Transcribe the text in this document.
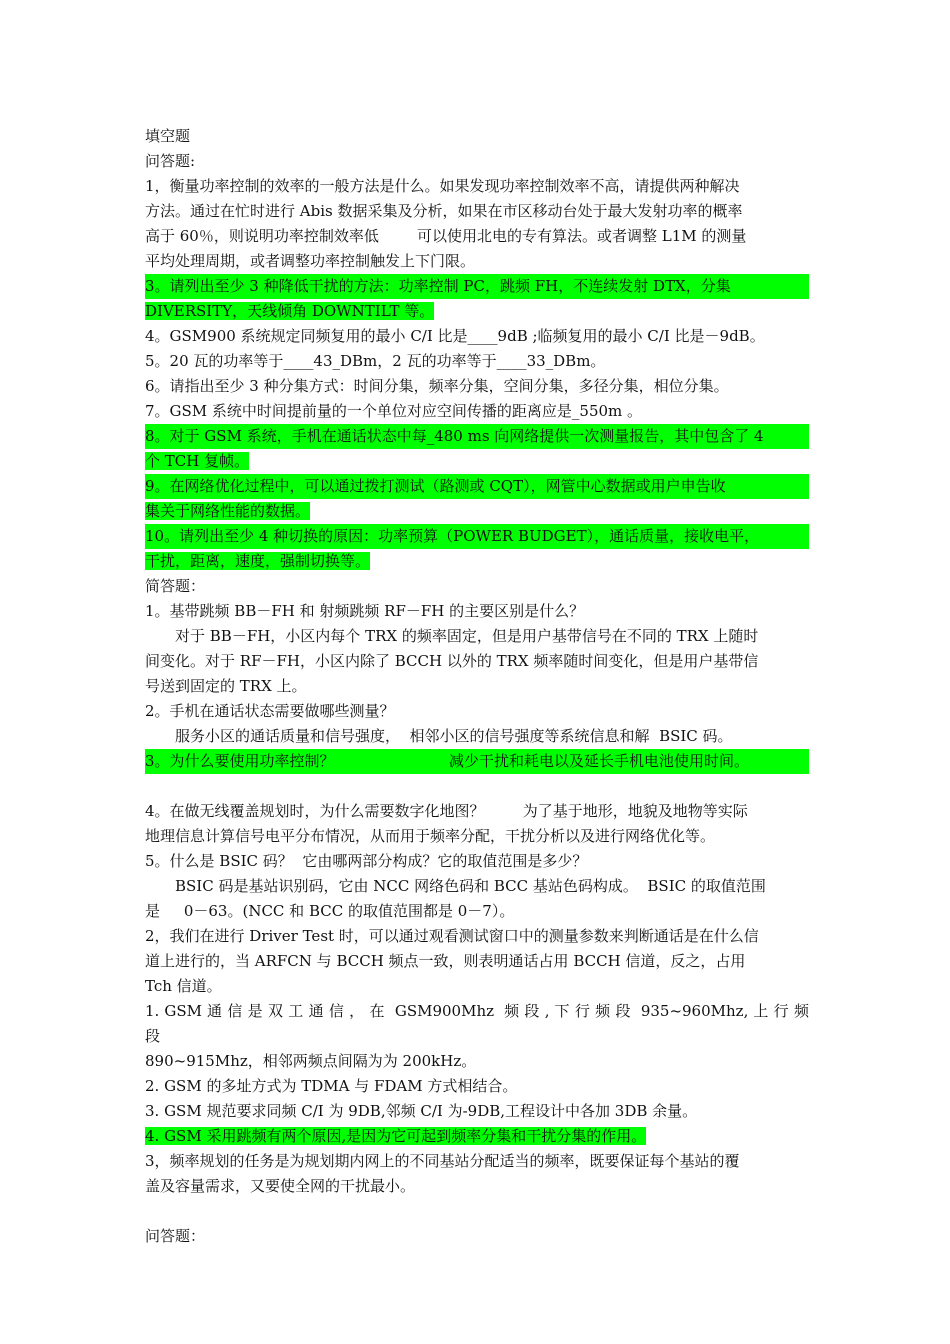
填空题
问答题:
1，衡量功率控制的效率的一般方法是什么。如果发现功率控制效率不高，请提供两种解决
方法。通过在忙时进行 Abis 数据采集及分析，如果在市区移动台处于最大发射功率的概率
高于 60％，则说明功率控制效率低        可以使用北电的专有算法。或者调整 L1M 的测量
平均处理周期，或者调整功率控制触发上下门限。
3。请列出至少 3 种降低干扰的方法：功率控制 PC，跳频 FH，不连续发射 DTX，分集
DIVERSITY，天线倾角 DOWNTILT 等。
4。GSM900 系统规定同频复用的最小 C/I 比是____9dB ;临频复用的最小 C/I 比是－9dB。
5。20 瓦的功率等于____43_DBm，2 瓦的功率等于____33_DBm。
6。请指出至少 3 种分集方式：时间分集，频率分集，空间分集，多径分集，相位分集。
7。GSM 系统中时间提前量的一个单位对应空间传播的距离应是_550m 。
8。对于 GSM 系统，手机在通话状态中每_480 ms 向网络提供一次测量报告，其中包含了 4
个 TCH 复帧。
9。在网络优化过程中，可以通过拨打测试（路测或 CQT），网管中心数据或用户申告收
集关于网络性能的数据。
10。请列出至少 4 种切换的原因：功率预算（POWER BUDGET），通话质量，接收电平，
干扰，距离，速度，强制切换等。
简答题：
1。基带跳频 BB－FH 和 射频跳频 RF－FH 的主要区别是什么？
对于 BB－FH，小区内每个 TRX 的频率固定，但是用户基带信号在不同的 TRX 上随时
间变化。对于 RF－FH，小区内除了 BCCH 以外的 TRX 频率随时间变化，但是用户基带信
号送到固定的 TRX 上。
2。手机在通话状态需要做哪些测量？
服务小区的通话质量和信号强度，  相邻小区的信号强度等系统信息和解  BSIC 码。
3。为什么要使用功率控制？                        减少干扰和耗电以及延长手机电池使用时间。
4。在做无线覆盖规划时，为什么需要数字化地图？        为了基于地形，地貌及地物等实际
地理信息计算信号电平分布情况，从而用于频率分配，干扰分析以及进行网络优化等。
5。什么是 BSIC 码？  它由哪两部分构成？它的取值范围是多少？
BSIC 码是基站识别码，它由 NCC 网络色码和 BCC 基站色码构成。  BSIC 的取值范围
是     0－63。(NCC 和 BCC 的取值范围都是 0－7）。
2，我们在进行 Driver Test 时，可以通过观看测试窗口中的测量参数来判断通话是在什么信
道上进行的，当 ARFCN 与 BCCH 频点一致，则表明通话占用 BCCH 信道，反之，占用
Tch 信道。
1. GSM 通 信 是 双 工 通 信 ， 在  GSM900Mhz  频 段 , 下 行 频 段  935~960Mhz, 上 行 频 段
890~915Mhz，相邻两频点间隔为为 200kHz。
2. GSM 的多址方式为 TDMA 与 FDAM 方式相结合。
3. GSM 规范要求同频 C/I 为 9DB,邻频 C/I 为-9DB,工程设计中各加 3DB 余量。
4. GSM 采用跳频有两个原因,是因为它可起到频率分集和干扰分集的作用。
3，频率规划的任务是为规划期内网上的不同基站分配适当的频率，既要保证每个基站的覆
盖及容量需求，又要使全网的干扰最小。
问答题：
